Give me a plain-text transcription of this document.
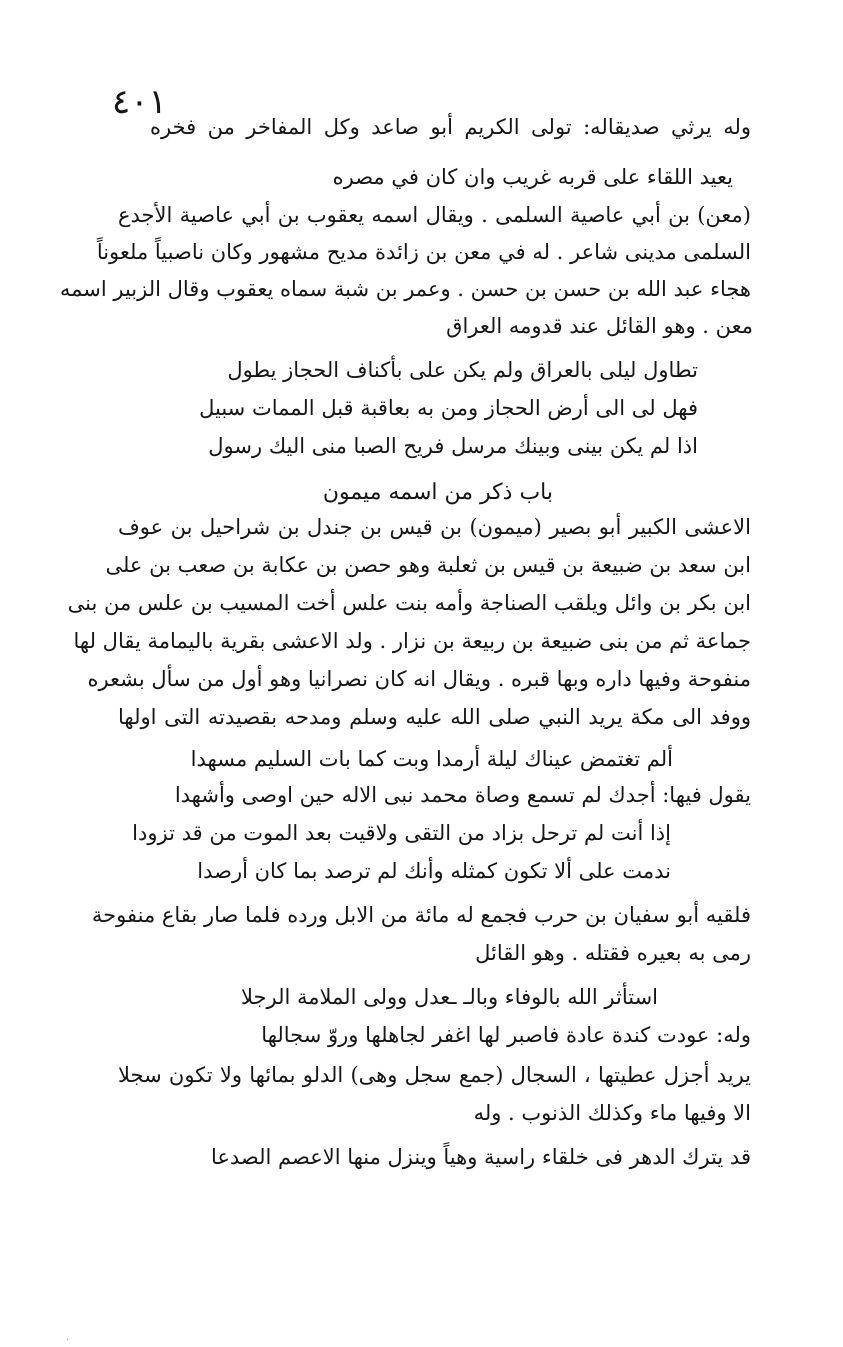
٤٠١
وله يرثي صديقاله: تولى الكريم أبو صاعد وكل المفاخر من فخره
يعيد اللقاء على قربه غريب وان كان في مصره
(معن) بن أبي عاصية السلمى . ويقال اسمه يعقوب بن أبي عاصية الأجدع
السلمى مدينى شاعر . له في معن بن زائدة مديح مشهور وكان ناصبياً ملعوناً
هجاء عبد الله بن حسن بن حسن . وعمر بن شبة سماه يعقوب وقال الزبير اسمه
معن . وهو القائل عند قدومه العراق
تطاول ليلى بالعراق ولم يكن على بأكناف الحجاز يطول
فهل لى الى أرض الحجاز ومن به بعاقبة قبل الممات سبيل
اذا لم يكن بينى وبينك مرسل فريح الصبا منى اليك رسول
باب ذكر من اسمه ميمون
الاعشى الكبير أبو بصير (ميمون) بن قيس بن جندل بن شراحيل بن عوف
ابن سعد بن ضبيعة بن قيس بن ثعلبة وهو حصن بن عكابة بن صعب بن على
ابن بكر بن وائل ويلقب الصناجة وأمه بنت علس أخت المسيب بن علس من بنى
جماعة ثم من بنى ضبيعة بن ربيعة بن نزار . ولد الاعشى بقرية باليمامة يقال لها
منفوحة وفيها داره وبها قبره . ويقال انه كان نصرانيا وهو أول من سأل بشعره
ووفد الى مكة يريد النبي صلى الله عليه وسلم ومدحه بقصيدته التى اولها
ألم تغتمض عيناك ليلة أرمدا وبت كما بات السليم مسهدا
يقول فيها: أجدك لم تسمع وصاة محمد نبى الاله حين اوصى وأشهدا
إذا أنت لم ترحل بزاد من التقى ولاقيت بعد الموت من قد تزودا
ندمت على ألا تكون كمثله وأنك لم ترصد بما كان أرصدا
فلقيه أبو سفيان بن حرب فجمع له مائة من الابل ورده فلما صار بقاع منفوحة
رمى به بعيره فقتله . وهو القائل
استأثر الله بالوفاء وبالـ ـعدل وولى الملامة الرجلا
وله: عودت كندة عادة فاصبر لها اغفر لجاهلها وروّ سجالها
يريد أجزل عطيتها ، السجال (جمع سجل وهى) الدلو بمائها ولا تكون سجلا
الا وفيها ماء وكذلك الذنوب . وله
قد يترك الدهر فى خلقاء راسية وهياً وينزل منها الاعصم الصدعا
.
